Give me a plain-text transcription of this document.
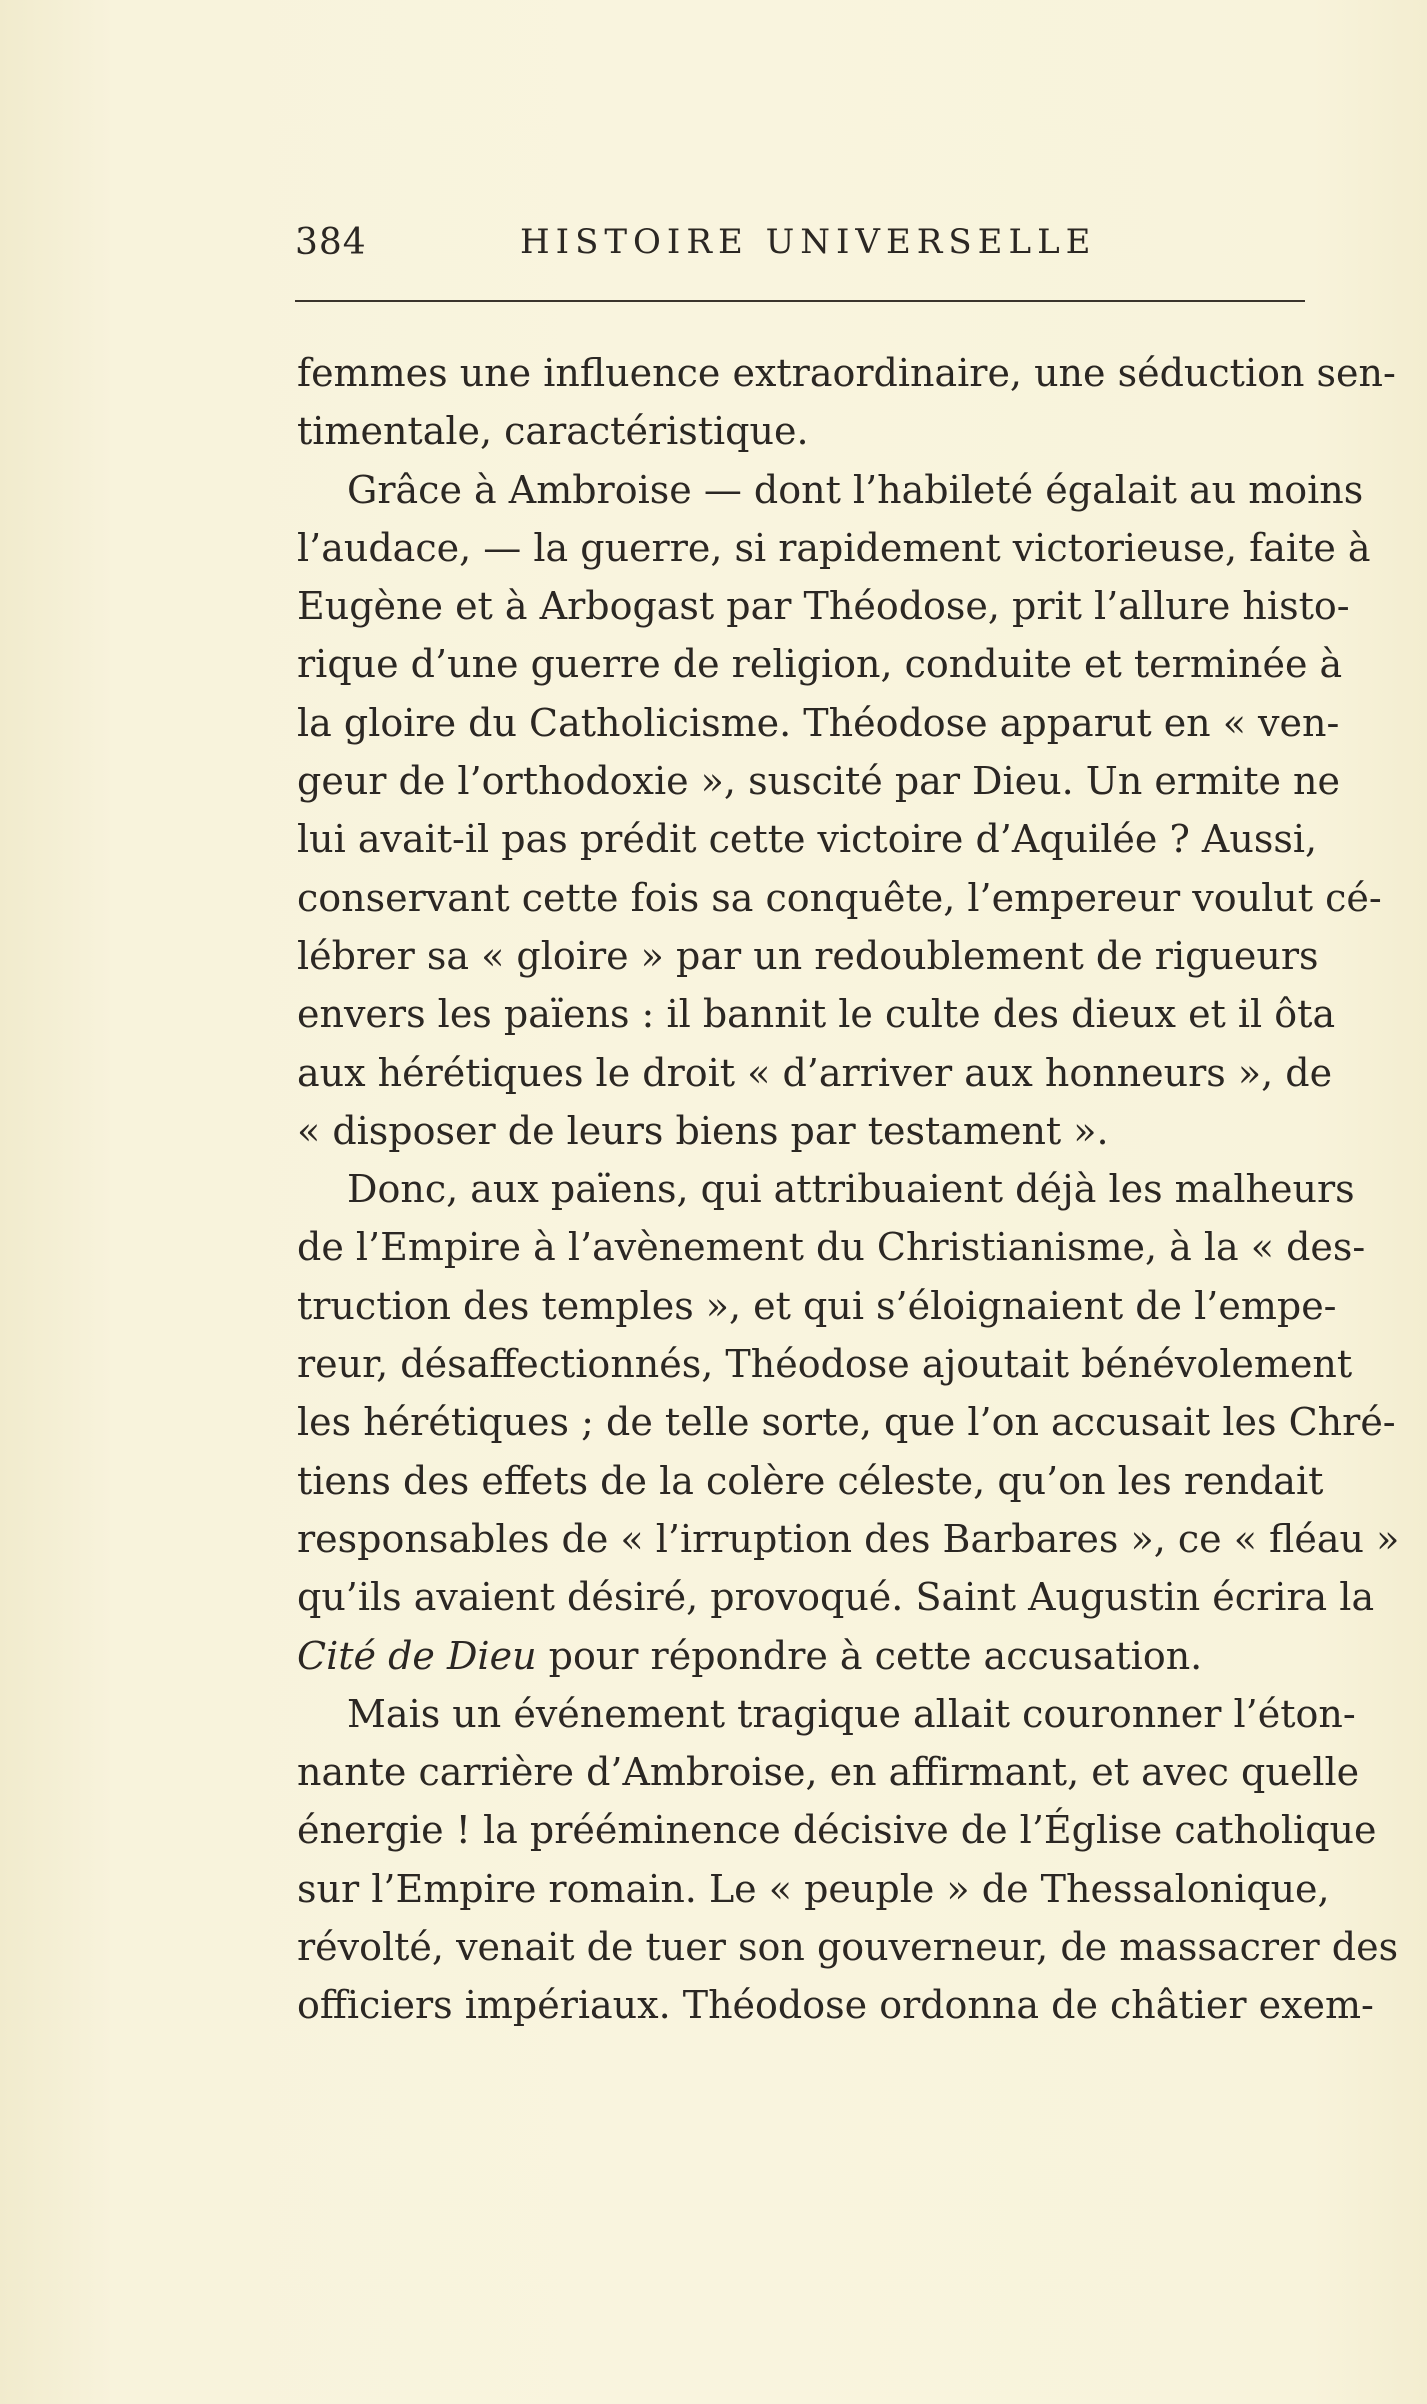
384	HISTOIRE UNIVERSELLE
femmes une influence extraordinaire, une séduction sen-
timentale, caractéristique.
Grâce à Ambroise — dont l’habileté égalait au moins
l’audace, — la guerre, si rapidement victorieuse, faite à
Eugène et à Arbogast par Théodose, prit l’allure histo-
rique d’une guerre de religion, conduite et terminée à
la gloire du Catholicisme. Théodose apparut en « ven-
geur de l’orthodoxie », suscité par Dieu. Un ermite ne
lui avait-il pas prédit cette victoire d’Aquilée ? Aussi,
conservant cette fois sa conquête, l’empereur voulut cé-
lébrer sa « gloire » par un redoublement de rigueurs
envers les païens : il bannit le culte des dieux et il ôta
aux hérétiques le droit « d’arriver aux honneurs », de
« disposer de leurs biens par testament ».
Donc, aux païens, qui attribuaient déjà les malheurs
de l’Empire à l’avènement du Christianisme, à la « des-
truction des temples », et qui s’éloignaient de l’empe-
reur, désaffectionnés, Théodose ajoutait bénévolement
les hérétiques ; de telle sorte, que l’on accusait les Chré-
tiens des effets de la colère céleste, qu’on les rendait
responsables de « l’irruption des Barbares », ce « fléau »
qu’ils avaient désiré, provoqué. Saint Augustin écrira la
Cité de Dieu pour répondre à cette accusation.
Mais un événement tragique allait couronner l’éton-
nante carrière d’Ambroise, en affirmant, et avec quelle
énergie ! la prééminence décisive de l’Église catholique
sur l’Empire romain. Le « peuple » de Thessalonique,
révolté, venait de tuer son gouverneur, de massacrer des
officiers impériaux. Théodose ordonna de châtier exem-
